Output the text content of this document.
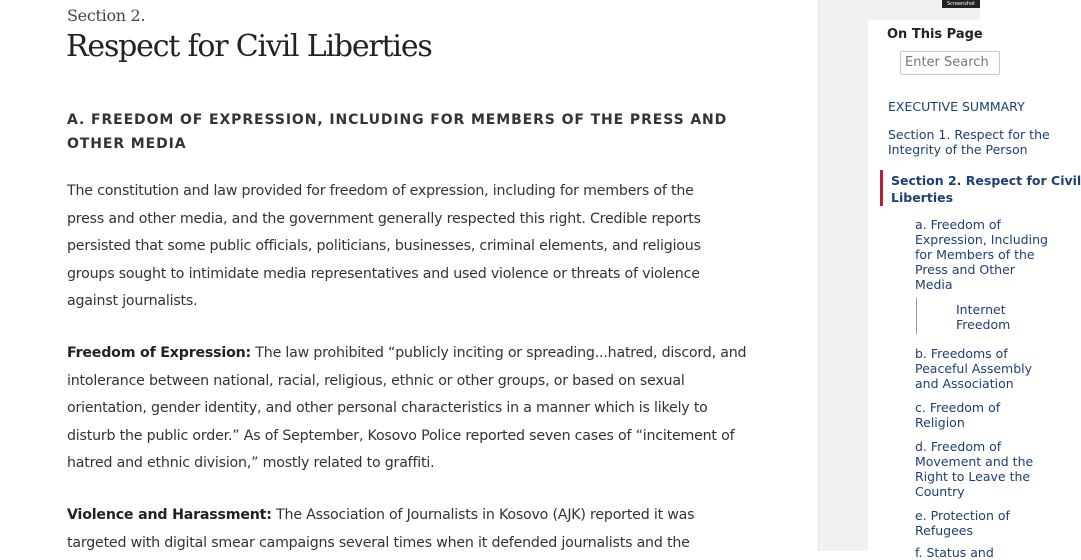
Section 2.
Respect for Civil Liberties
A. FREEDOM OF EXPRESSION, INCLUDING FOR MEMBERS OF THE PRESS AND
OTHER MEDIA

The constitution and law provided for freedom of expression, including for members of the
press and other media, and the government generally respected this right. Credible reports
persisted that some public officials, politicians, businesses, criminal elements, and religious
groups sought to intimidate media representatives and used violence or threats of violence
against journalists.

Freedom of Expression: The law prohibited “publicly inciting or spreading...hatred, discord, and
intolerance between national, racial, religious, ethnic or other groups, or based on sexual
orientation, gender identity, and other personal characteristics in a manner which is likely to
disturb the public order.” As of September, Kosovo Police reported seven cases of “incitement of
hatred and ethnic division,” mostly related to graffiti.

Violence and Harassment: The Association of Journalists in Kosovo (AJK) reported it was
targeted with digital smear campaigns several times when it defended journalists and the

Screenshot
On This Page
Enter Search
EXECUTIVE SUMMARY
Section 1. Respect for the
Integrity of the Person
Section 2. Respect for Civil
Liberties
a. Freedom of
Expression, Including
for Members of the
Press and Other
Media
Internet
Freedom
b. Freedoms of
Peaceful Assembly
and Association
c. Freedom of
Religion
d. Freedom of
Movement and the
Right to Leave the
Country
e. Protection of
Refugees
f. Status and
